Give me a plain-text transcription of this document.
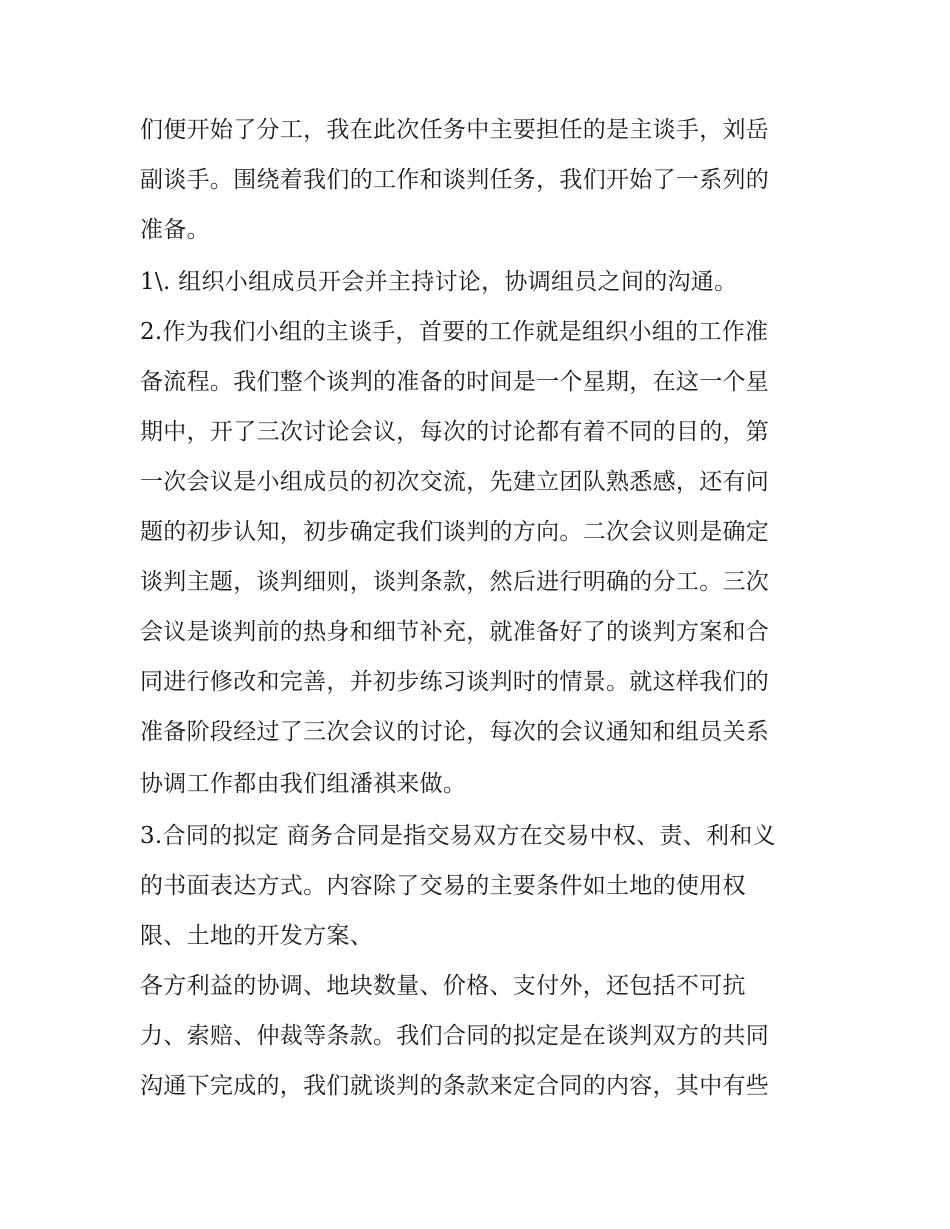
们便开始了分工，我在此次任务中主要担任的是主谈手，刘岳
副谈手。围绕着我们的工作和谈判任务，我们开始了一系列的
准备。
1\. 组织小组成员开会并主持讨论，协调组员之间的沟通。
2.作为我们小组的主谈手，首要的工作就是组织小组的工作准
备流程。我们整个谈判的准备的时间是一个星期，在这一个星
期中，开了三次讨论会议，每次的讨论都有着不同的目的，第
一次会议是小组成员的初次交流，先建立团队熟悉感，还有问
题的初步认知，初步确定我们谈判的方向。二次会议则是确定
谈判主题，谈判细则，谈判条款，然后进行明确的分工。三次
会议是谈判前的热身和细节补充，就准备好了的谈判方案和合
同进行修改和完善，并初步练习谈判时的情景。就这样我们的
准备阶段经过了三次会议的讨论，每次的会议通知和组员关系
协调工作都由我们组潘祺来做。
3.合同的拟定 商务合同是指交易双方在交易中权、责、利和义
的书面表达方式。内容除了交易的主要条件如土地的使用权
限、土地的开发方案、
各方利益的协调、地块数量、价格、支付外，还包括不可抗
力、索赔、仲裁等条款。我们合同的拟定是在谈判双方的共同
沟通下完成的，我们就谈判的条款来定合同的内容，其中有些
